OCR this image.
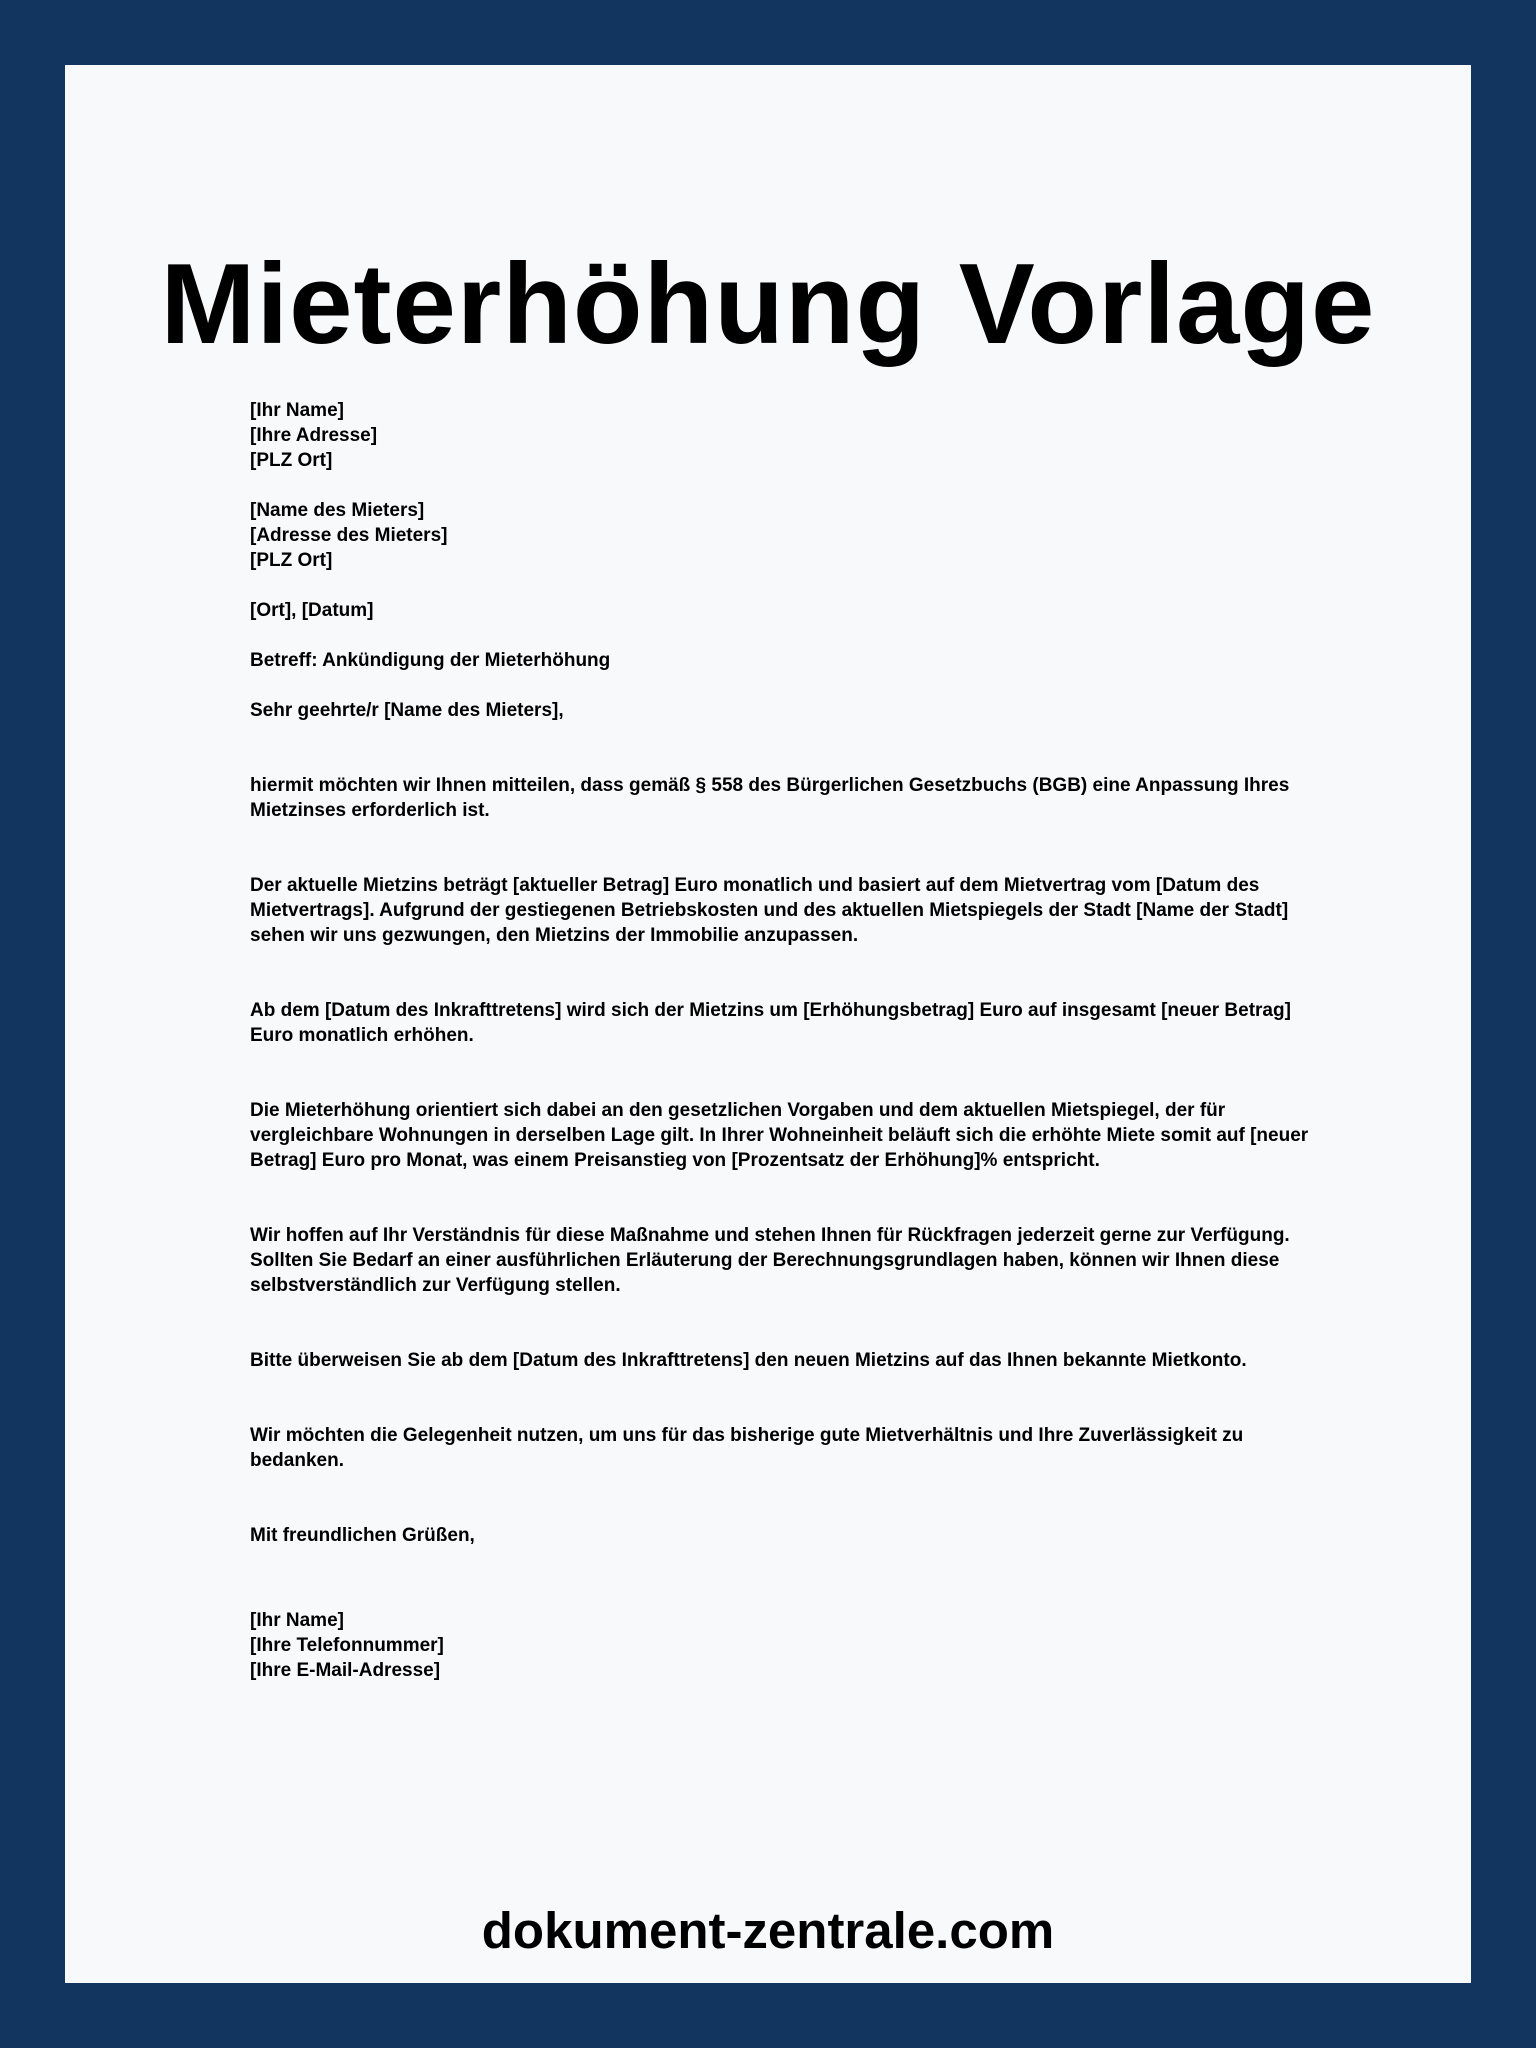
Mieterhöhung Vorlage
[Ihr Name]
[Ihre Adresse]
[PLZ Ort]
[Name des Mieters]
[Adresse des Mieters]
[PLZ Ort]
[Ort], [Datum]
Betreff: Ankündigung der Mieterhöhung
Sehr geehrte/r [Name des Mieters],

hiermit möchten wir Ihnen mitteilen, dass gemäß § 558 des Bürgerlichen Gesetzbuchs (BGB) eine Anpassung Ihres Mietzinses erforderlich ist.

Der aktuelle Mietzins beträgt [aktueller Betrag] Euro monatlich und basiert auf dem Mietvertrag vom [Datum des Mietvertrags]. Aufgrund der gestiegenen Betriebskosten und des aktuellen Mietspiegels der Stadt [Name der Stadt] sehen wir uns gezwungen, den Mietzins der Immobilie anzupassen.

Ab dem [Datum des Inkrafttretens] wird sich der Mietzins um [Erhöhungsbetrag] Euro auf insgesamt [neuer Betrag] Euro monatlich erhöhen.

Die Mieterhöhung orientiert sich dabei an den gesetzlichen Vorgaben und dem aktuellen Mietspiegel, der für vergleichbare Wohnungen in derselben Lage gilt. In Ihrer Wohneinheit beläuft sich die erhöhte Miete somit auf [neuer Betrag] Euro pro Monat, was einem Preisanstieg von [Prozentsatz der Erhöhung]% entspricht.

Wir hoffen auf Ihr Verständnis für diese Maßnahme und stehen Ihnen für Rückfragen jederzeit gerne zur Verfügung. Sollten Sie Bedarf an einer ausführlichen Erläuterung der Berechnungsgrundlagen haben, können wir Ihnen diese selbstverständlich zur Verfügung stellen.

Bitte überweisen Sie ab dem [Datum des Inkrafttretens] den neuen Mietzins auf das Ihnen bekannte Mietkonto.

Wir möchten die Gelegenheit nutzen, um uns für das bisherige gute Mietverhältnis und Ihre Zuverlässigkeit zu bedanken.

Mit freundlichen Grüßen,
[Ihr Name]
[Ihre Telefonnummer]
[Ihre E-Mail-Adresse]
dokument-zentrale.com
